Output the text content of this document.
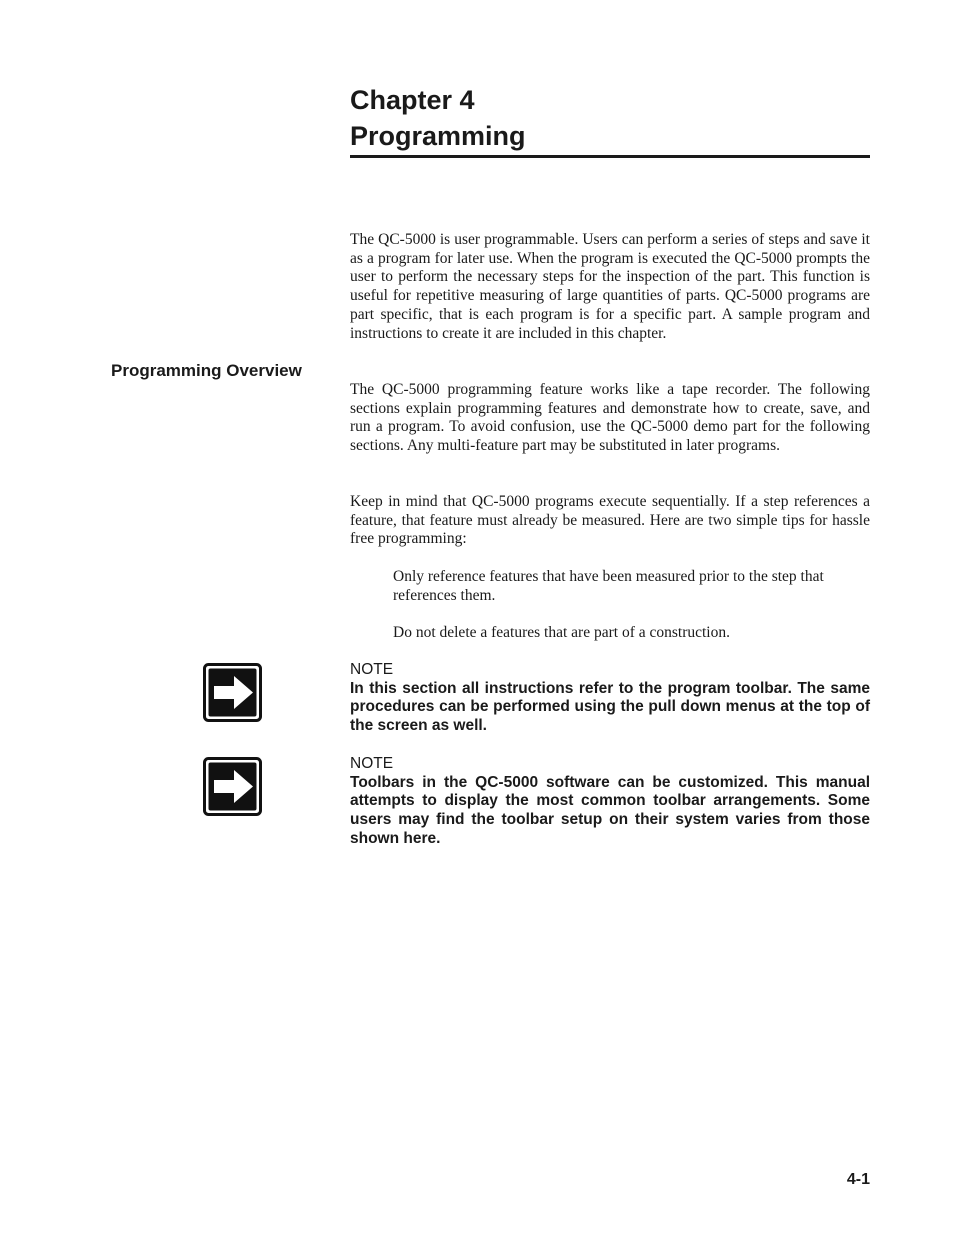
Chapter 4
Programming

The QC-5000 is user programmable. Users can perform a series of steps and save it as a program for later use. When the program is executed the QC-5000 prompts the user to perform the necessary steps for the inspection of the part. This function is useful for repetitive measuring of large quantities of parts. QC-5000 programs are part specific, that is each program is for a specific part. A sample program and instructions to create it are included in this chapter.

Programming Overview

The QC-5000 programming feature works like a tape recorder. The following sections explain programming features and demonstrate how to create, save, and run a program. To avoid confusion, use the QC-5000 demo part for the following sections. Any multi-feature part may be substituted in later programs.

Keep in mind that QC-5000 programs execute sequentially. If a step references a feature, that feature must already be measured. Here are two simple tips for hassle free programming:

Only reference features that have been measured prior to the step that references them.

Do not delete a features that are part of a construction.

NOTE
In this section all instructions refer to the program toolbar. The same procedures can be performed using the pull down menus at the top of the screen as well.
NOTE
Toolbars in the QC-5000 software can be customized. This manual attempts to display the most common toolbar arrangements. Some users may find the toolbar setup on their system varies from those shown here.
4-1
